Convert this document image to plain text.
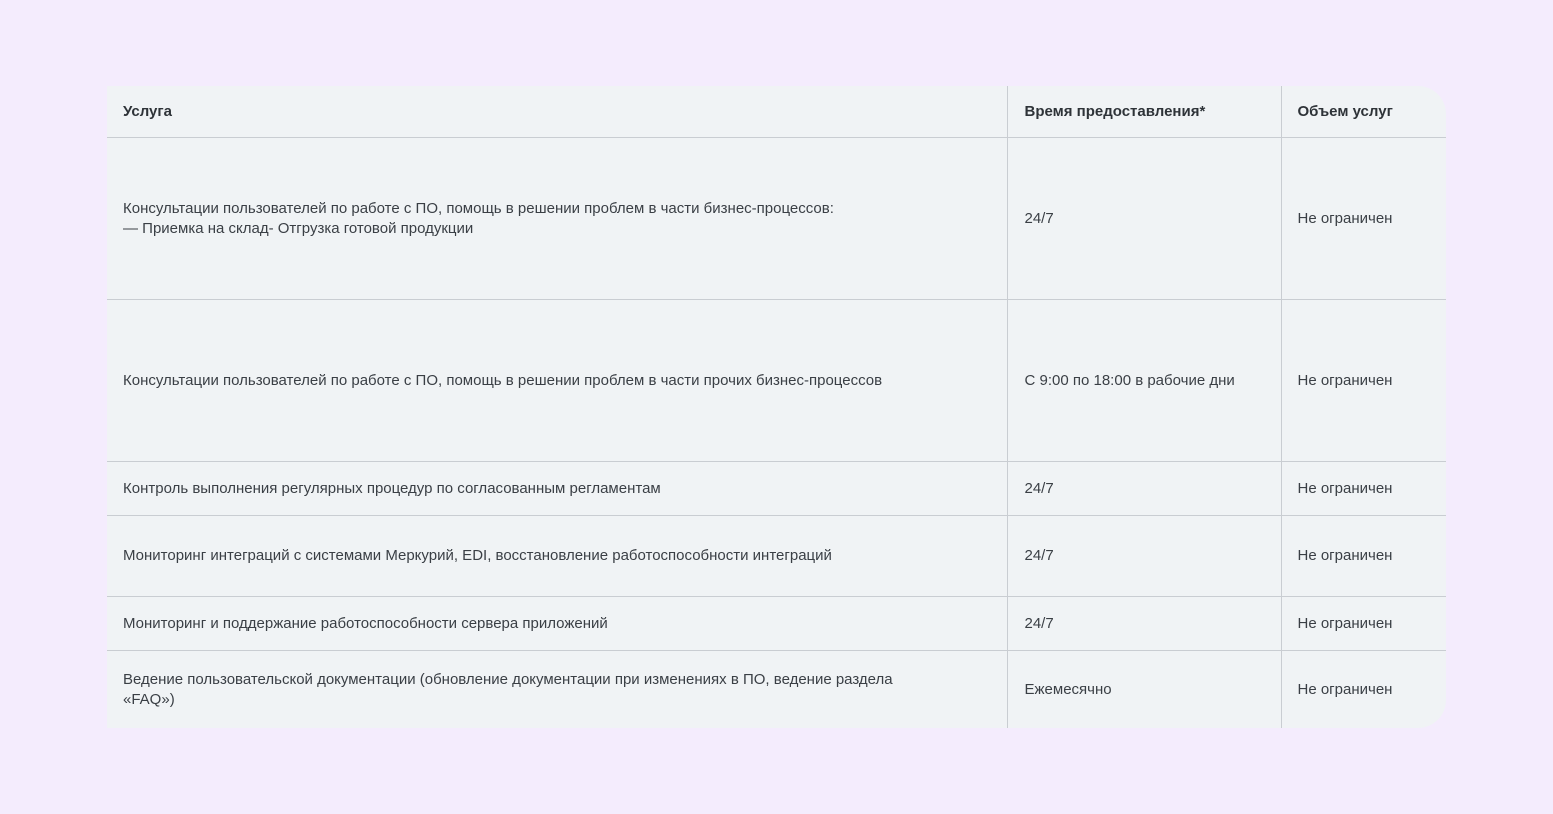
Услуга	Время предоставления*	Объем услуг

Консультации пользователей по работе с ПО, помощь в решении проблем в части бизнес-процессов:
— Приемка на склад- Отгрузка готовой продукции	24/7	Не ограничен

Консультации пользователей по работе с ПО, помощь в решении проблем в части прочих бизнес-процессов	С 9:00 по 18:00 в рабочие дни	Не ограничен

Контроль выполнения регулярных процедур по согласованным регламентам	24/7	Не ограничен

Мониторинг интеграций с системами Меркурий, EDI, восстановление работоспособности интеграций	24/7	Не ограничен

Мониторинг и поддержание работоспособности сервера приложений	24/7	Не ограничен

Ведение пользовательской документации (обновление документации при изменениях в ПО, ведение раздела
«FAQ»)	Ежемесячно	Не ограничен
